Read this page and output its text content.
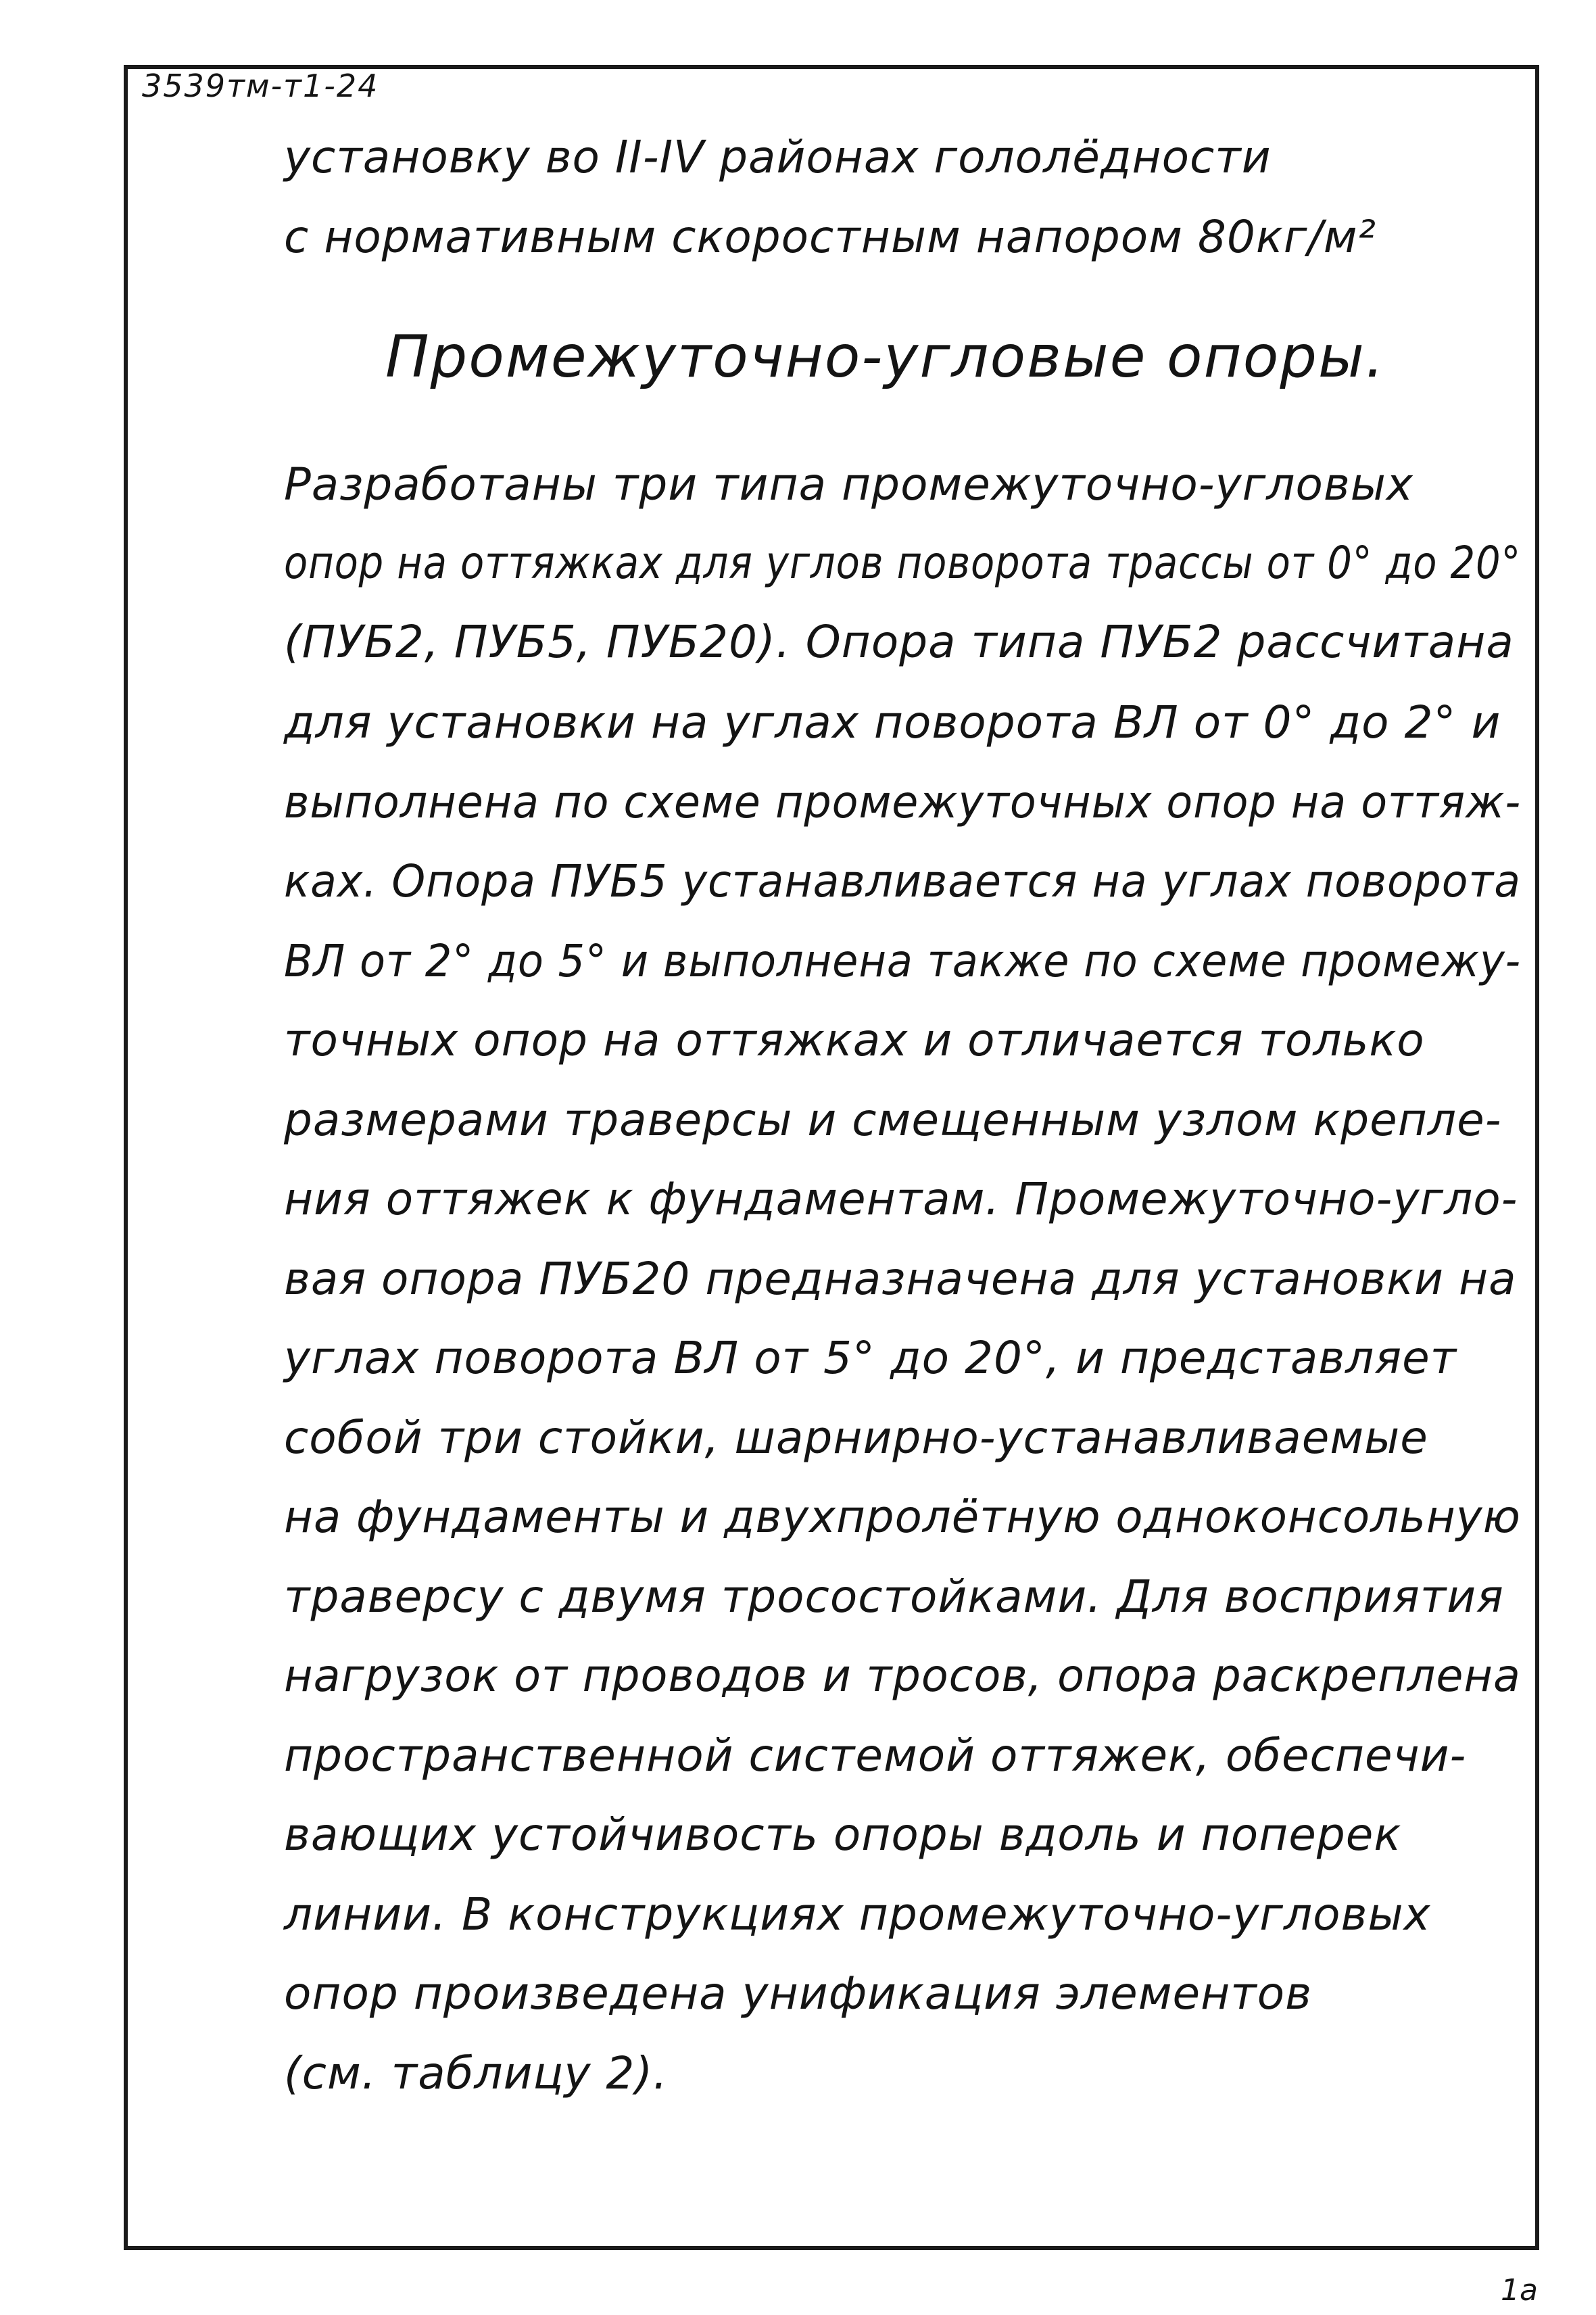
3539тм-т1-24
установку во II-IV районах гололёдности
с нормативным скоростным напором 80кг/м²
Промежуточно-угловые опоры.
Разработаны три типа промежуточно-угловых
опор на оттяжках для углов поворота трассы от 0° до 20°
(ПУБ2, ПУБ5, ПУБ20). Опора типа ПУБ2 рассчитана
для установки на углах поворота ВЛ от 0° до 2° и
выполнена по схеме промежуточных опор на оттяж-
ках. Опора ПУБ5 устанавливается на углах поворота
ВЛ от 2° до 5° и выполнена также по схеме промежу-
точных опор на оттяжках и отличается только
размерами траверсы и смещенным узлом крепле-
ния оттяжек к фундаментам. Промежуточно-угло-
вая опора ПУБ20 предназначена для установки на
углах поворота ВЛ от 5° до 20°, и представляет
собой три стойки, шарнирно-устанавливаемые
на фундаменты и двухпролётную одноконсольную
траверсу с двумя тросостойками. Для восприятия
нагрузок от проводов и тросов, опора раскреплена
пространственной системой оттяжек, обеспечи-
вающих устойчивость опоры вдоль и поперек
линии. В конструкциях промежуточно-угловых
опор произведена унификация элементов
(см. таблицу 2).
1а
